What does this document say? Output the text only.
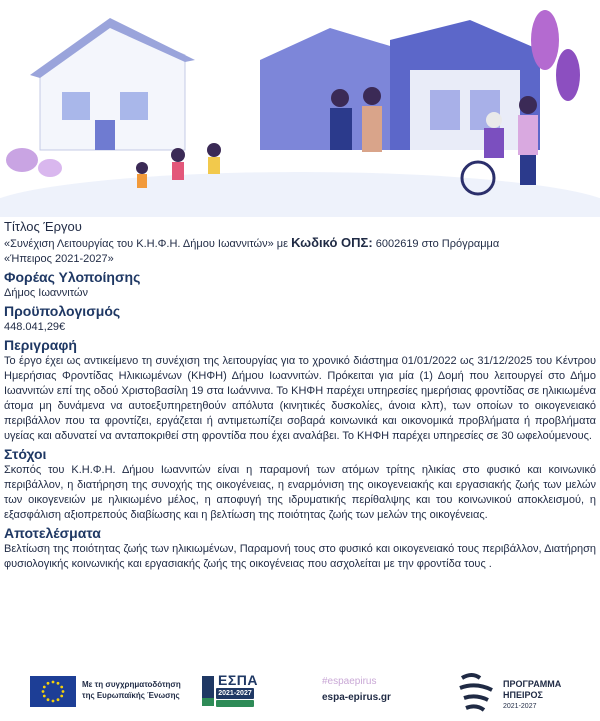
Τίτλος Έργου

«Συνέχιση Λειτουργίας του Κ.Η.Φ.Η. Δήμου Ιωαννιτών» με Κωδικό ΟΠΣ: 6002619 στο Πρόγραμμα

«Ήπειρος 2021-2027»

Φορέας Υλοποίησης

Δήμος Ιωαννιτών

Προϋπολογισμός

448.041,29€

Περιγραφή

Το έργο έχει ως αντικείμενο τη συνέχιση της λειτουργίας για το χρονικό διάστημα 01/01/2022 ως 31/12/2025 του Κέντρου Ημερήσιας Φροντίδας Ηλικιωμένων (ΚΗΦΗ) Δήμου Ιωαννιτών. Πρόκειται για μία (1) Δομή που λειτουργεί στο Δήμο Ιωαννιτών επί της οδού Χριστοβασίλη 19 στα Ιωάννινα. Το ΚΗΦΗ παρέχει υπηρεσίες ημερήσιας φροντίδας σε ηλικιωμένα άτομα μη δυνάμενα να αυτοεξυπηρετηθούν απόλυτα (κινητικές δυσκολίες, άνοια κλπ), των οποίων το οικογενειακό περιβάλλον που τα φροντίζει, εργάζεται ή αντιμετωπίζει σοβαρά κοινωνικά και οικονομικά προβλήματα ή προβλήματα υγείας και αδυνατεί να ανταποκριθεί στη φροντίδα που έχει αναλάβει. Το ΚΗΦΗ παρέχει υπηρεσίες σε 30 ωφελούμενους.

Στόχοι

Σκοπός του Κ.Η.Φ.Η. Δήμου Ιωαννιτών είναι η παραμονή των ατόμων τρίτης ηλικίας στο φυσικό και κοινωνικό περιβάλλον, η διατήρηση της συνοχής της οικογένειας, η εναρμόνιση της οικογενειακής και εργασιακής ζωής των μελών των οικογενειών με ηλικιωμένο μέλος, η αποφυγή της ιδρυματικής περίθαλψης και του κοινωνικού αποκλεισμού, η εξασφάλιση αξιοπρεπούς διαβίωσης και η βελτίωση της ποιότητας ζωής των μελών της οικογένειας.

Αποτελέσματα

Βελτίωση της ποιότητας ζωής των ηλικιωμένων, Παραμονή τους στο φυσικό και οικογενειακό τους περιβάλλον, Διατήρηση φυσιολογικής κοινωνικής και εργασιακής ζωής της οικογένειας που ασχολείται με την φροντίδα τους .

Με τη συγχρηματοδότηση
της Ευρωπαϊκής Ένωσης
ΕΣΠΑ
2021-2027
#espaepirus
espa-epirus.gr
ΠΡΟΓΡΑΜΜΑ
ΗΠΕΙΡΟΣ
2021-2027
